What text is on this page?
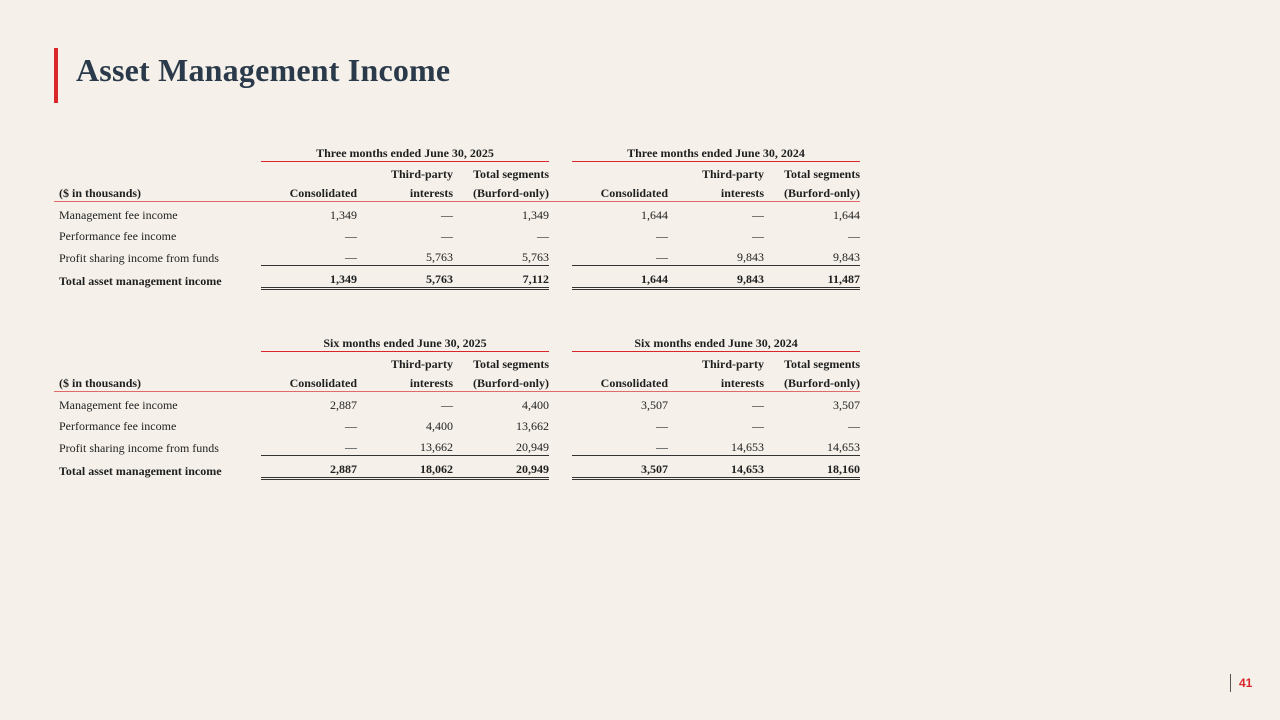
Asset Management Income
	Three months ended June 30, 2025				Three months ended June 30, 2024		
		Third-party	Total segments			Third-party	Total segments
($ in thousands)	Consolidated	interests	(Burford-only)		Consolidated	interests	(Burford-only)
Management fee income	1,349	—	1,349		1,644	—	1,644
Performance fee income	—	—	—		—	—	—
Profit sharing income from funds	—	5,763	5,763		—	9,843	9,843
Total asset management income	1,349	5,763	7,112		1,644	9,843	11,487
	Six months ended June 30, 2025				Six months ended June 30, 2024		
		Third-party	Total segments			Third-party	Total segments
($ in thousands)	Consolidated	interests	(Burford-only)		Consolidated	interests	(Burford-only)
Management fee income	2,887	—	4,400		3,507	—	3,507
Performance fee income	—	4,400	13,662		—	—	—
Profit sharing income from funds	—	13,662	20,949		—	14,653	14,653
Total asset management income	2,887	18,062	20,949		3,507	14,653	18,160
41
